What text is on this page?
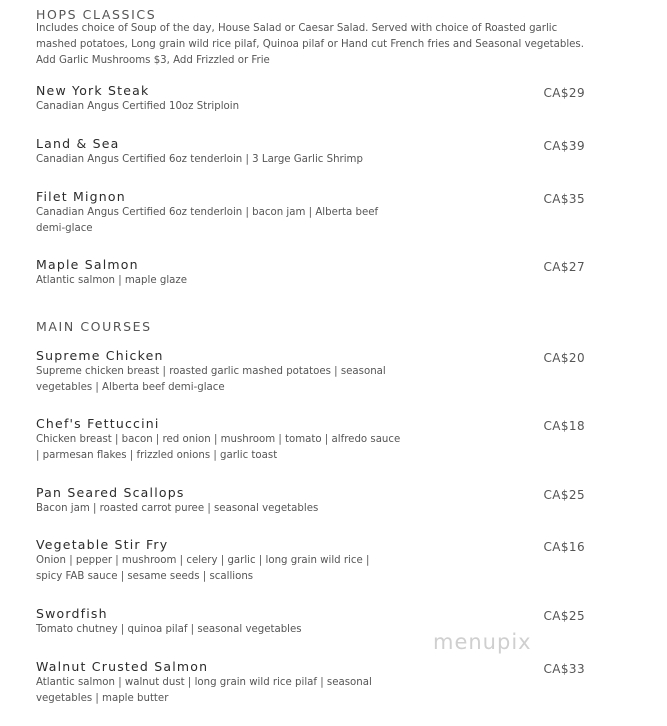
HOPS CLASSICS
Includes choice of Soup of the day, House Salad or Caesar Salad. Served with choice of Roasted garlic mashed potatoes, Long grain wild rice pilaf, Quinoa pilaf or Hand cut French fries and Seasonal vegetables. Add Garlic Mushrooms $3, Add Frizzled or Frie
New York Steak
Canadian Angus Certified 10oz Striploin
CA$29
Land & Sea
Canadian Angus Certified 6oz tenderloin | 3 Large Garlic Shrimp
CA$39
Filet Mignon
Canadian Angus Certified 6oz tenderloin | bacon jam | Alberta beef demi-glace
CA$35
Maple Salmon
Atlantic salmon | maple glaze
CA$27
MAIN COURSES
Supreme Chicken
Supreme chicken breast | roasted garlic mashed potatoes | seasonal vegetables | Alberta beef demi-glace
CA$20
Chef's Fettuccini
Chicken breast | bacon | red onion | mushroom | tomato | alfredo sauce | parmesan flakes | frizzled onions | garlic toast
CA$18
Pan Seared Scallops
Bacon jam | roasted carrot puree | seasonal vegetables
CA$25
Vegetable Stir Fry
Onion | pepper | mushroom | celery | garlic | long grain wild rice | spicy FAB sauce | sesame seeds | scallions
CA$16
Swordfish
Tomato chutney | quinoa pilaf | seasonal vegetables
CA$25
Walnut Crusted Salmon
Atlantic salmon | walnut dust | long grain wild rice pilaf | seasonal vegetables | maple butter
CA$33
menupix
